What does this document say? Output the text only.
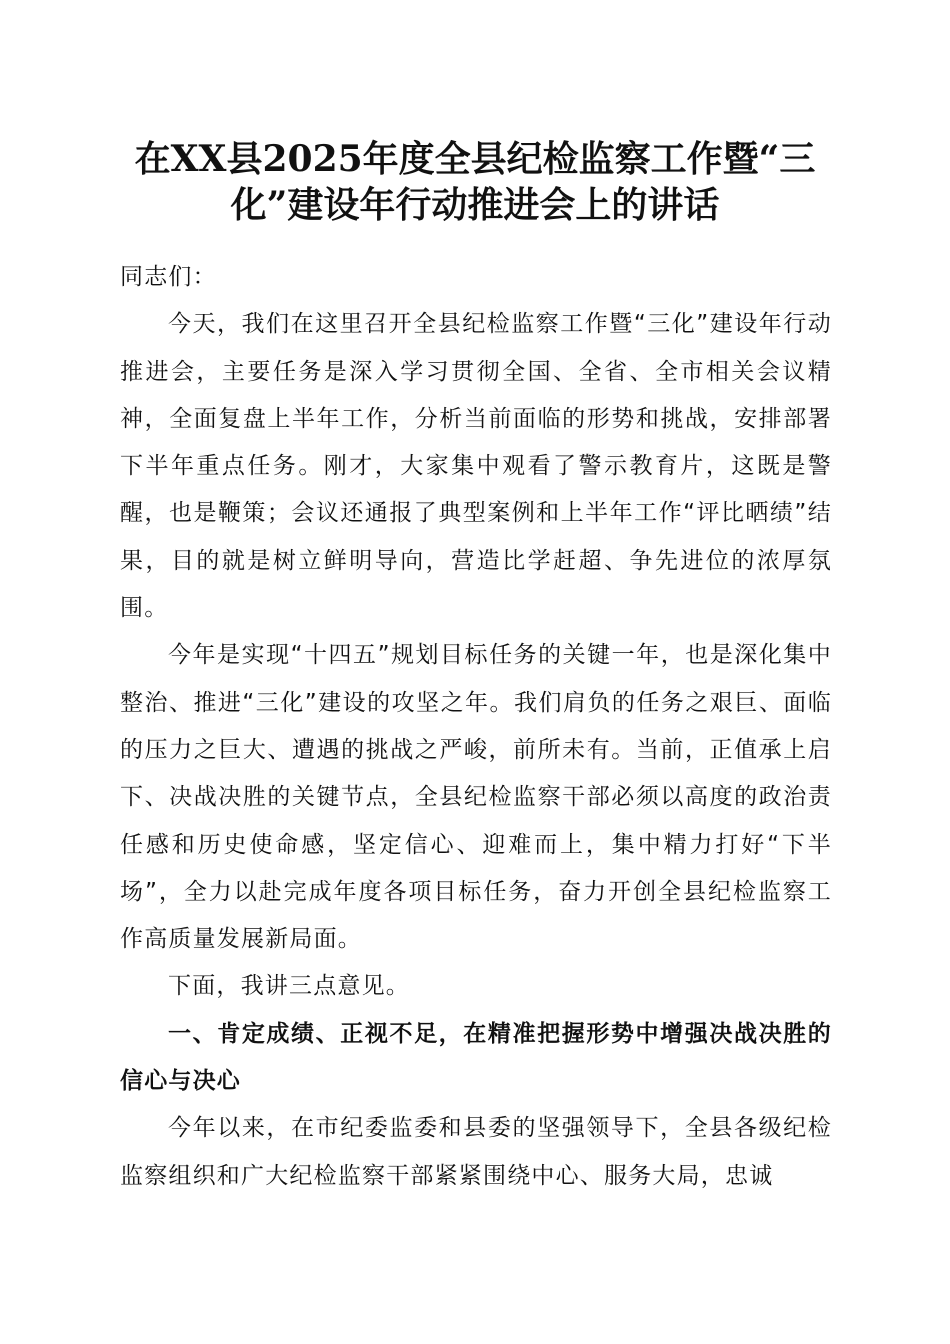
在XX县2025年度全县纪检监察工作暨“三
化”建设年行动推进会上的讲话

同志们：

今天，我们在这里召开全县纪检监察工作暨“三化”建设年行动推进会，主要任务是深入学习贯彻全国、全省、全市相关会议精神，全面复盘上半年工作，分析当前面临的形势和挑战，安排部署下半年重点任务。刚才，大家集中观看了警示教育片，这既是警醒，也是鞭策；会议还通报了典型案例和上半年工作“评比晒绩”结果，目的就是树立鲜明导向，营造比学赶超、争先进位的浓厚氛围。

今年是实现“十四五”规划目标任务的关键一年，也是深化集中整治、推进“三化”建设的攻坚之年。我们肩负的任务之艰巨、面临的压力之巨大、遭遇的挑战之严峻，前所未有。当前，正值承上启下、决战决胜的关键节点，全县纪检监察干部必须以高度的政治责任感和历史使命感，坚定信心、迎难而上，集中精力打好“下半场”，全力以赴完成年度各项目标任务，奋力开创全县纪检监察工作高质量发展新局面。

下面，我讲三点意见。

一、肯定成绩、正视不足，在精准把握形势中增强决战决胜的信心与决心

今年以来，在市纪委监委和县委的坚强领导下，全县各级纪检监察组织和广大纪检监察干部紧紧围绕中心、服务大局，忠诚
